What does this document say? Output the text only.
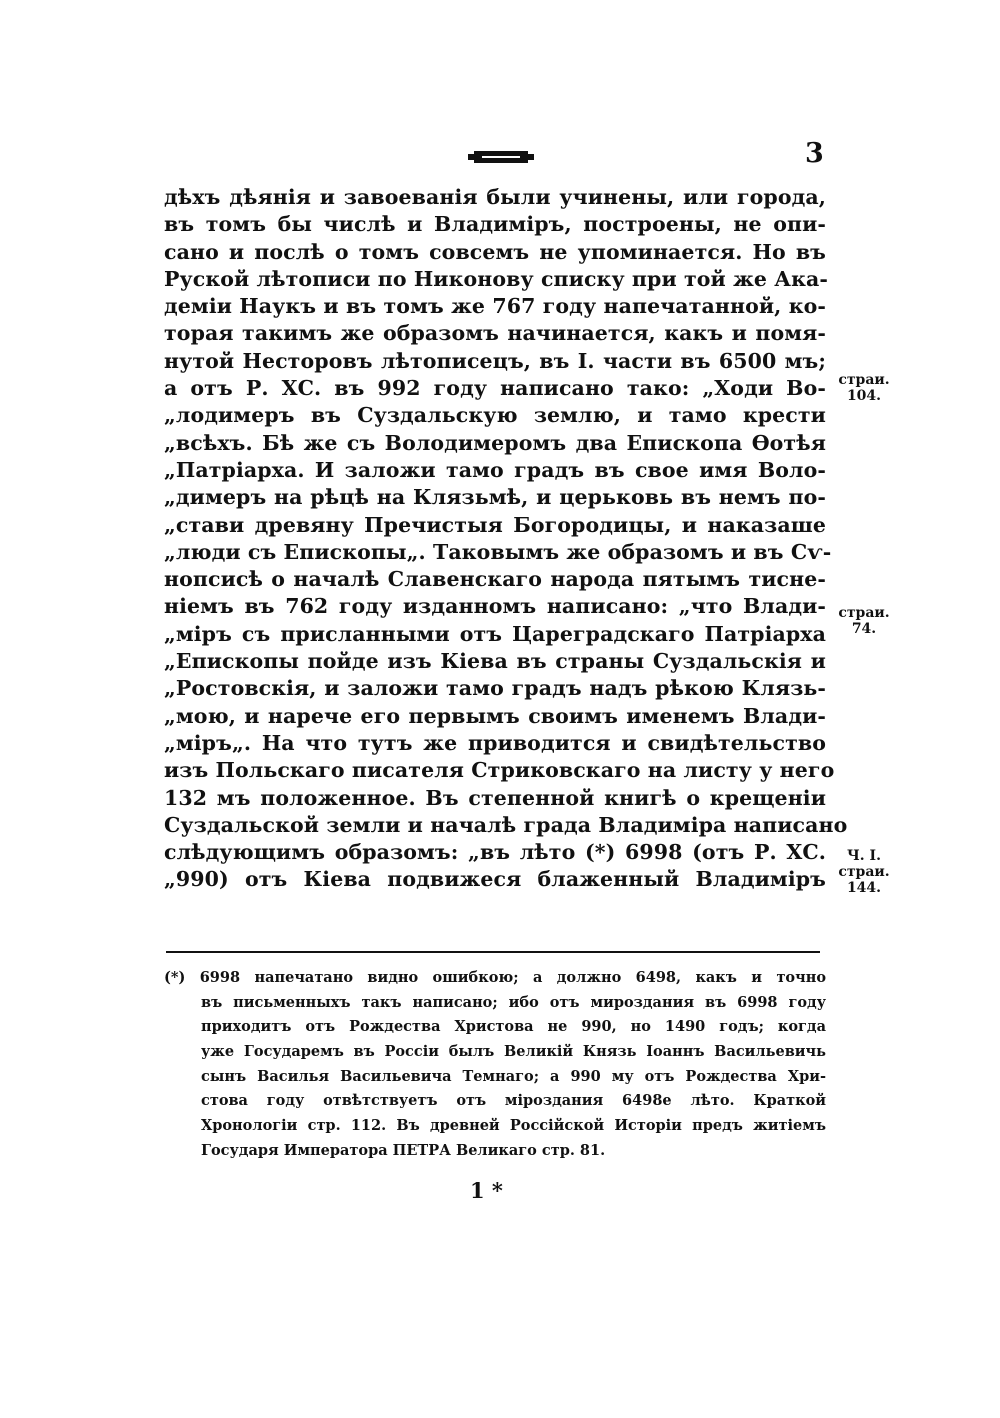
3
дѣхъ дѣянія и завоеванія были учинены, или города,
въ томъ бы числѣ и Владиміръ, построены, не опи-
сано и послѣ о томъ совсемъ не упоминается. Но въ
Руской лѣтописи по Никонову списку при той же Ака-
деміи Наукъ и въ томъ же 767 году напечатанной, ко-
торая такимъ же образомъ начинается, какъ и помя-
нутой Несторовъ лѣтописецъ, въ I. части въ 6500 мъ;
а отъ Р. ХС. въ 992 году написано тако: „Ходи Во-
„лодимеръ въ Суздальскую землю, и тамо крести
„всѣхъ. Бѣ же съ Володимеромъ два Епископа Ѳотѣя
„Патріарха. И заложи тамо градъ въ свое имя Воло-
„димеръ на рѣцѣ на Клязьмѣ, и церьковь въ немъ по-
„стави древяну Пречистыя Богородицы, и наказаше
„люди съ Епископы„. Таковымъ же образомъ и въ Сѵ-
нопсисѣ о началѣ Славенскаго народа пятымъ тисне-
ніемъ въ 762 году изданномъ написано: „что Влади-
„міръ съ присланными отъ Цареградскаго Патріарха
„Епископы пойде изъ Кіева въ страны Суздальскія и
„Ростовскія, и заложи тамо градъ надъ рѣкою Клязь-
„мою, и нарече его первымъ своимъ именемъ Влади-
„міръ„. На что тутъ же приводится и свидѣтельство
изъ Польскаго писателя Стриковскаго на листу у него
132 мъ положенное. Въ степенной книгѣ о крещеніи
Суздальской земли и началѣ града Владиміра написано
слѣдующимъ образомъ: „въ лѣто (*) 6998 (отъ Р. ХС.
„990) отъ Кіева подвижеся блаженный Владиміръ
страи.
104.
страи.
74.
Ч. I.
страи.
144.
(*) 6998 напечатано видно ошибкою; а должно 6498, какъ и точно
въ письменныхъ такъ написано; ибо отъ мироздания въ 6998 году
приходитъ отъ Рождества Христова не 990, но 1490 годъ; когда
уже Государемъ въ Россіи былъ Великій Князь Іоаннъ Васильевичь
сынъ Василья Васильевича Темнаго; а 990 му отъ Рождества Хри-
стова году отвѣтствуетъ отъ міроздания 6498е лѣто. Краткой
Хронологіи стр. 112. Въ древней Россійской Исторіи предъ житіемъ
Государя Императора ПЕТРА Великаго стр. 81.
1 *
